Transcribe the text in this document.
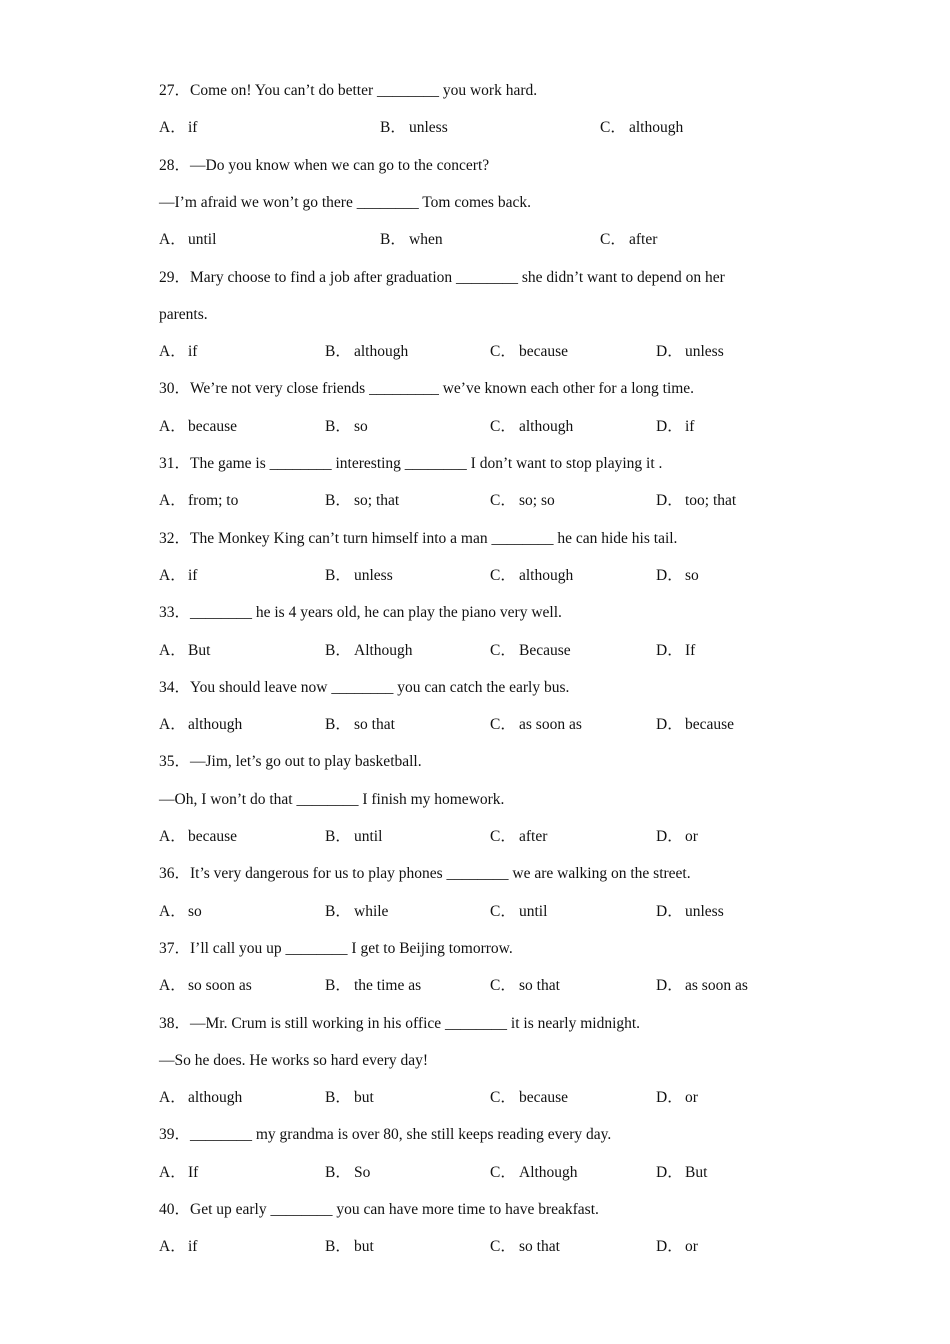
27．Come on! You can’t do better ________ you work hard.
A． if	B． unless	C． although
28．—Do you know when we can go to the concert?
—I’m afraid we won’t go there ________ Tom comes back.
A． until	B． when	C． after
29．Mary choose to find a job after graduation ________ she didn’t want to depend on her
parents.
A． if	B． although	C． because	D． unless
30．We’re not very close friends _________ we’ve known each other for a long time.
A． because	B． so	C． although	D． if
31．The game is ________ interesting ________ I don’t want to stop playing it .
A． from; to	B． so; that	C． so; so	D． too; that
32．The Monkey King can’t turn himself into a man ________ he can hide his tail.
A． if	B． unless	C． although	D． so
33．________ he is 4 years old, he can play the piano very well.
A． But	B． Although	C． Because	D． If
34．You should leave now ________ you can catch the early bus.
A． although	B． so that	C． as soon as	D． because
35．—Jim, let’s go out to play basketball.
—Oh, I won’t do that ________ I finish my homework.
A． because	B． until	C． after	D． or
36．It’s very dangerous for us to play phones ________ we are walking on the street.
A． so	B． while	C． until	D． unless
37．I’ll call you up ________ I get to Beijing tomorrow.
A． so soon as	B． the time as	C． so that	D． as soon as
38．—Mr. Crum is still working in his office ________ it is nearly midnight.
—So he does. He works so hard every day!
A． although	B． but	C． because	D． or
39．________ my grandma is over 80, she still keeps reading every day.
A． If	B． So	C． Although	D． But
40．Get up early ________ you can have more time to have breakfast.
A． if	B． but	C． so that	D． or
